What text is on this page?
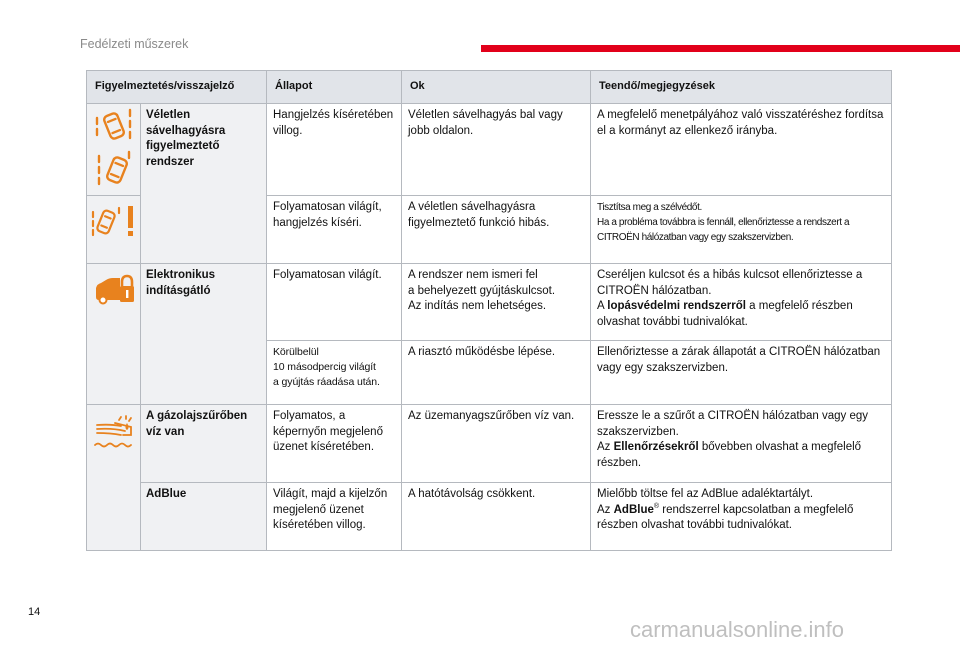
Fedélzeti műszerek
Figyelmeztetés/visszajelző		Állapot	Ok	Teendő/megjegyzések

	Véletlen sávelhagyásra figyelmeztető rendszer	Hangjelzés kíséretében villog.	Véletlen sávelhagyás bal vagy jobb oldalon.	A megfelelő menetpályához való visszatéréshez fordítsa el a kormányt az ellenkező irányba.

	Folyamatosan világít, hangjelzés kíséri.	A véletlen sávelhagyásra figyelmeztető funkció hibás.	Tisztítsa meg a szélvédőt.
Ha a probléma továbbra is fennáll, ellenőriztesse a rendszert a CITROËN hálózatban vagy egy szakszervizben.

	Elektronikus indításgátló	Folyamatosan világít.	A rendszer nem ismeri fel
a behelyezett gyújtáskulcsot.
Az indítás nem lehetséges.	Cseréljen kulcsot és a hibás kulcsot ellenőriztesse a CITROËN hálózatban.
A lopásvédelmi rendszerről a megfelelő részben olvashat további tudnivalókat.
		Körülbelül
10 másodpercig világít
a gyújtás ráadása után.	A riasztó működésbe lépése.	Ellenőriztesse a zárak állapotát a CITROËN hálózatban vagy egy szakszervizben.

	A gázolajszűrőben víz van	Folyamatos, a képernyőn megjelenő üzenet kíséretében.	Az üzemanyagszűrőben víz van.	Eressze le a szűrőt a CITROËN hálózatban vagy egy szakszervizben.
Az Ellenőrzésekről bővebben olvashat a megfelelő részben.
	AdBlue	Világít, majd a kijelzőn megjelenő üzenet kíséretében villog.	A hatótávolság csökkent.	Mielőbb töltse fel az AdBlue adaléktartályt.
Az AdBlue® rendszerrel kapcsolatban a megfelelő részben olvashat további tudnivalókat.
14
carmanualsonline.info
